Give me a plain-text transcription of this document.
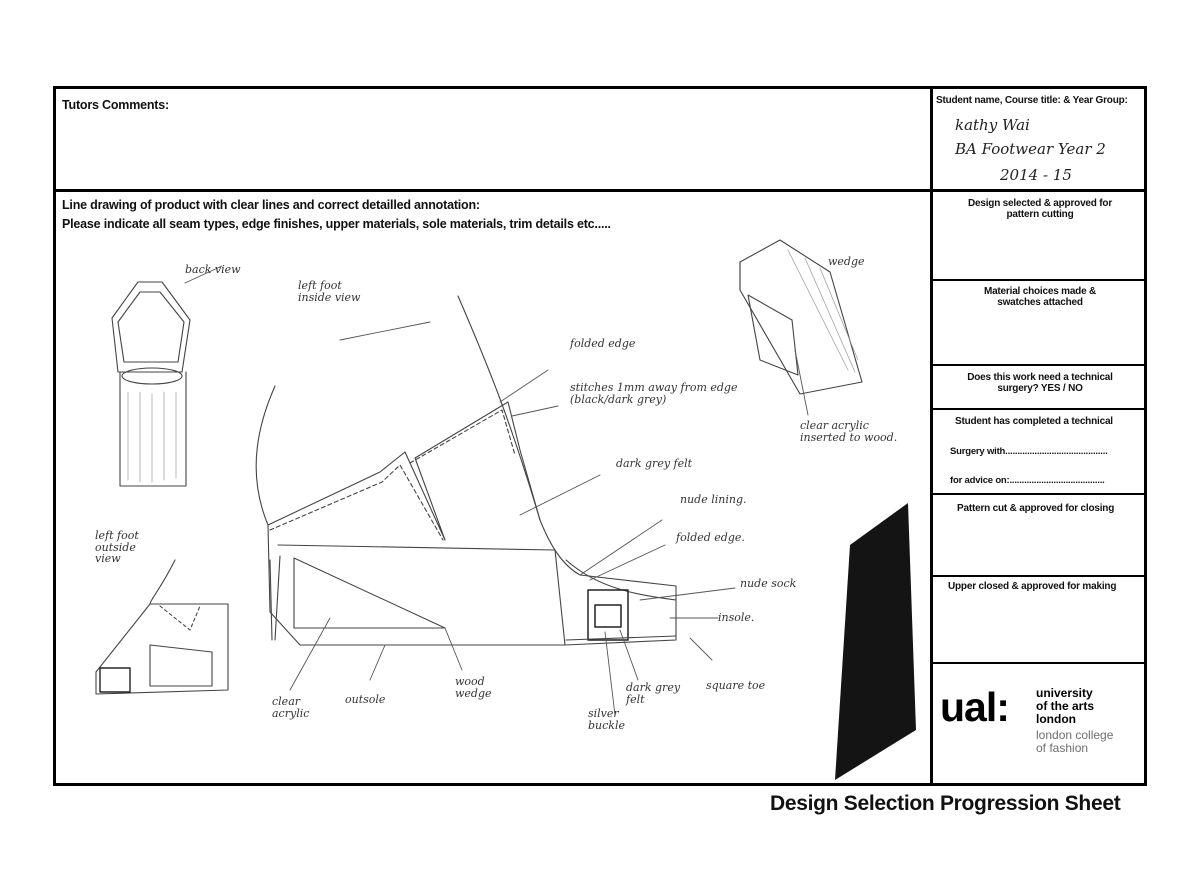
Tutors Comments:
Line drawing of product with clear lines and correct detailled annotation:
Please indicate all seam types, edge finishes, upper materials, sole materials, trim details etc.....
Student name, Course title: & Year Group:
kathy Wai
BA Footwear Year 2
2014 - 15
Design selected & approved for pattern cutting
Material choices made & swatches attached
Does this work need a technical surgery? YES / NO
Student has completed a technical
Surgery with..........................................
for advice on:.......................................
Pattern cut & approved for closing
Upper closed & approved for making
ual: university
of the arts
london
london college
of fashion
Design Selection Progression Sheet
back view
left foot inside view
left foot outside view
wedge
folded edge
stitches 1mm away from edge (black/dark grey)
dark grey felt
nude lining.
folded edge.
nude sock
insole.
square toe
dark grey felt
silver buckle
wood wedge
outsole
clear acrylic
clear acrylic inserted to wood.
